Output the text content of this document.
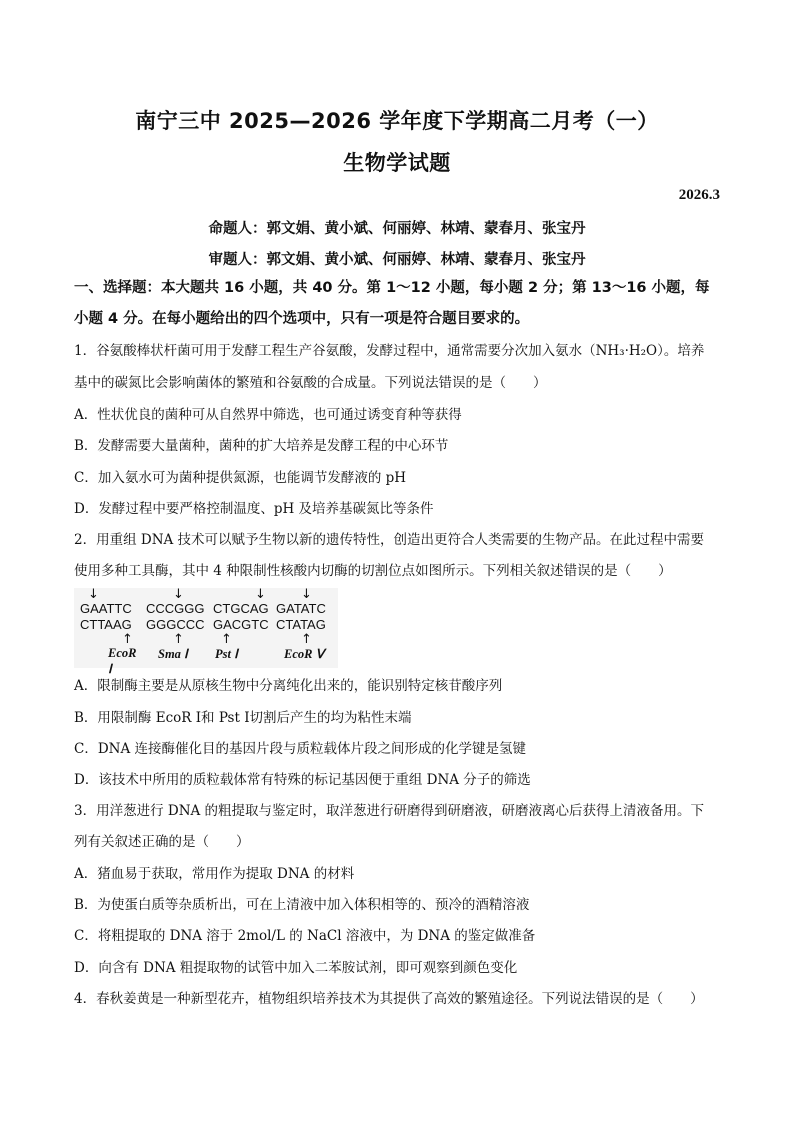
南宁三中 2025—2026 学年度下学期高二月考（一）
生物学试题
2026.3
命题人：郭文娟、黄小斌、何丽婷、林靖、蒙春月、张宝丹
审题人：郭文娟、黄小斌、何丽婷、林靖、蒙春月、张宝丹
一、选择题：本大题共 16 小题，共 40 分。第 1～12 小题，每小题 2 分；第 13～16 小题，每
小题 4 分。在每小题给出的四个选项中，只有一项是符合题目要求的。
1．谷氨酸棒状杆菌可用于发酵工程生产谷氨酸，发酵过程中，通常需要分次加入氨水（NH₃·H₂O）。培养
基中的碳氮比会影响菌体的繁殖和谷氨酸的合成量。下列说法错误的是（　　）
A．性状优良的菌种可从自然界中筛选，也可通过诱变育种等获得
B．发酵需要大量菌种，菌种的扩大培养是发酵工程的中心环节
C．加入氨水可为菌种提供氮源，也能调节发酵液的 pH
D．发酵过程中要严格控制温度、pH 及培养基碳氮比等条件
2．用重组 DNA 技术可以赋予生物以新的遗传特性，创造出更符合人类需要的生物产品。在此过程中需要
使用多种工具酶，其中 4 种限制性核酸内切酶的切割位点如图所示。下列相关叙述错误的是（　　）
↓
GAATTC
CTTAAG
↑
EcoR Ⅰ
↓
CCCGGG
GGGCCC
↑
Sma Ⅰ
↓
CTGCAG
GACGTC
↑
Pst Ⅰ
↓
GATATC
CTATAG
↑
EcoR Ⅴ
A．限制酶主要是从原核生物中分离纯化出来的，能识别特定核苷酸序列
B．用限制酶 EcoR Ⅰ和 Pst Ⅰ切割后产生的均为粘性末端
C．DNA 连接酶催化目的基因片段与质粒载体片段之间形成的化学键是氢键
D．该技术中所用的质粒载体常有特殊的标记基因便于重组 DNA 分子的筛选
3．用洋葱进行 DNA 的粗提取与鉴定时，取洋葱进行研磨得到研磨液，研磨液离心后获得上清液备用。下
列有关叙述正确的是（　　）
A．猪血易于获取，常用作为提取 DNA 的材料
B．为使蛋白质等杂质析出，可在上清液中加入体积相等的、预冷的酒精溶液
C．将粗提取的 DNA 溶于 2mol/L 的 NaCl 溶液中，为 DNA 的鉴定做准备
D．向含有 DNA 粗提取物的试管中加入二苯胺试剂，即可观察到颜色变化
4．春秋姜黄是一种新型花卉，植物组织培养技术为其提供了高效的繁殖途径。下列说法错误的是（　　）
